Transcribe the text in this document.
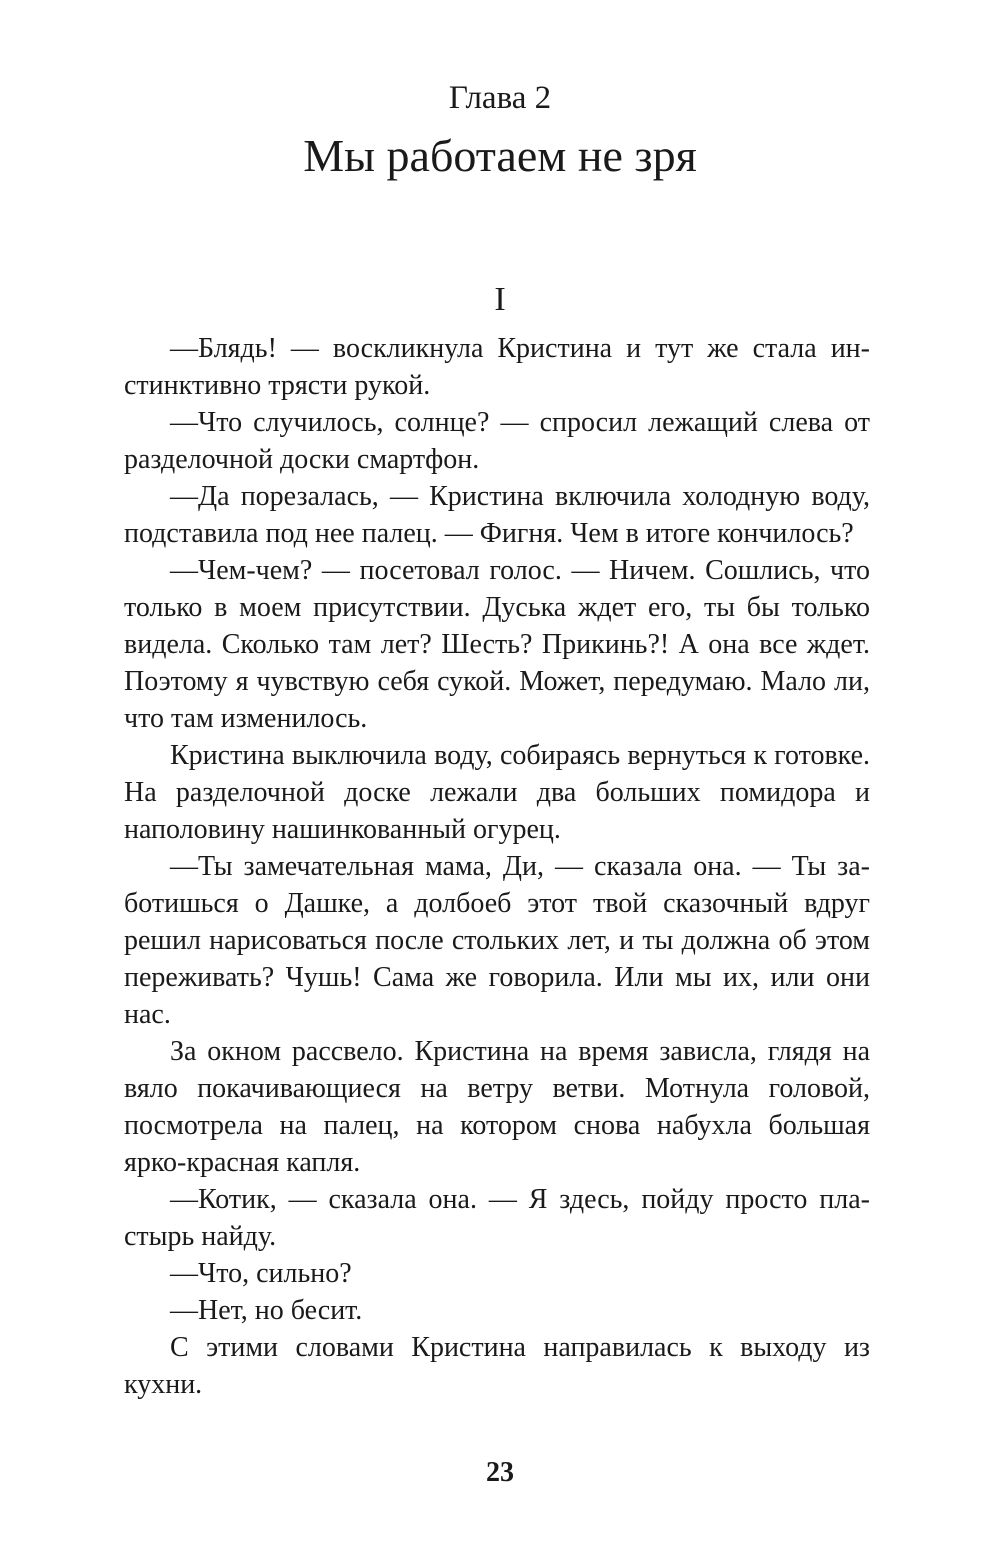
Глава 2
Мы работаем не зря
I

—Блядь! — воскликнула Кристина и тут же стала инстинктивно трясти рукой.

—Что случилось, солнце? — спросил лежащий слева от разделочной доски смартфон.

—Да порезалась, — Кристина включила холодную воду, подставила под нее палец. — Фигня. Чем в итоге кончилось?

—Чем-чем? — посетовал голос. — Ничем. Сошлись, что только в моем присутствии. Дуська ждет его, ты бы только видела. Сколько там лет? Шесть? Прикинь?! А она все ждет. Поэтому я чувствую себя сукой. Может, передумаю. Мало ли, что там изменилось.

Кристина выключила воду, собираясь вернуться к готовке. На разделочной доске лежали два больших помидора и наполовину нашинкованный огурец.

—Ты замечательная мама, Ди, — сказала она. — Ты заботишься о Дашке, а долбоеб этот твой сказочный вдруг решил нарисоваться после стольких лет, и ты должна об этом переживать? Чушь! Сама же говорила. Или мы их, или они нас.

За окном рассвело. Кристина на время зависла, глядя на вяло покачивающиеся на ветру ветви. Мотнула головой, посмотрела на палец, на котором снова набухла большая ярко-красная капля.

—Котик, — сказала она. — Я здесь, пойду просто пластырь найду.

—Что, сильно?

—Нет, но бесит.

С этими словами Кристина направилась к выходу из кухни.

23
